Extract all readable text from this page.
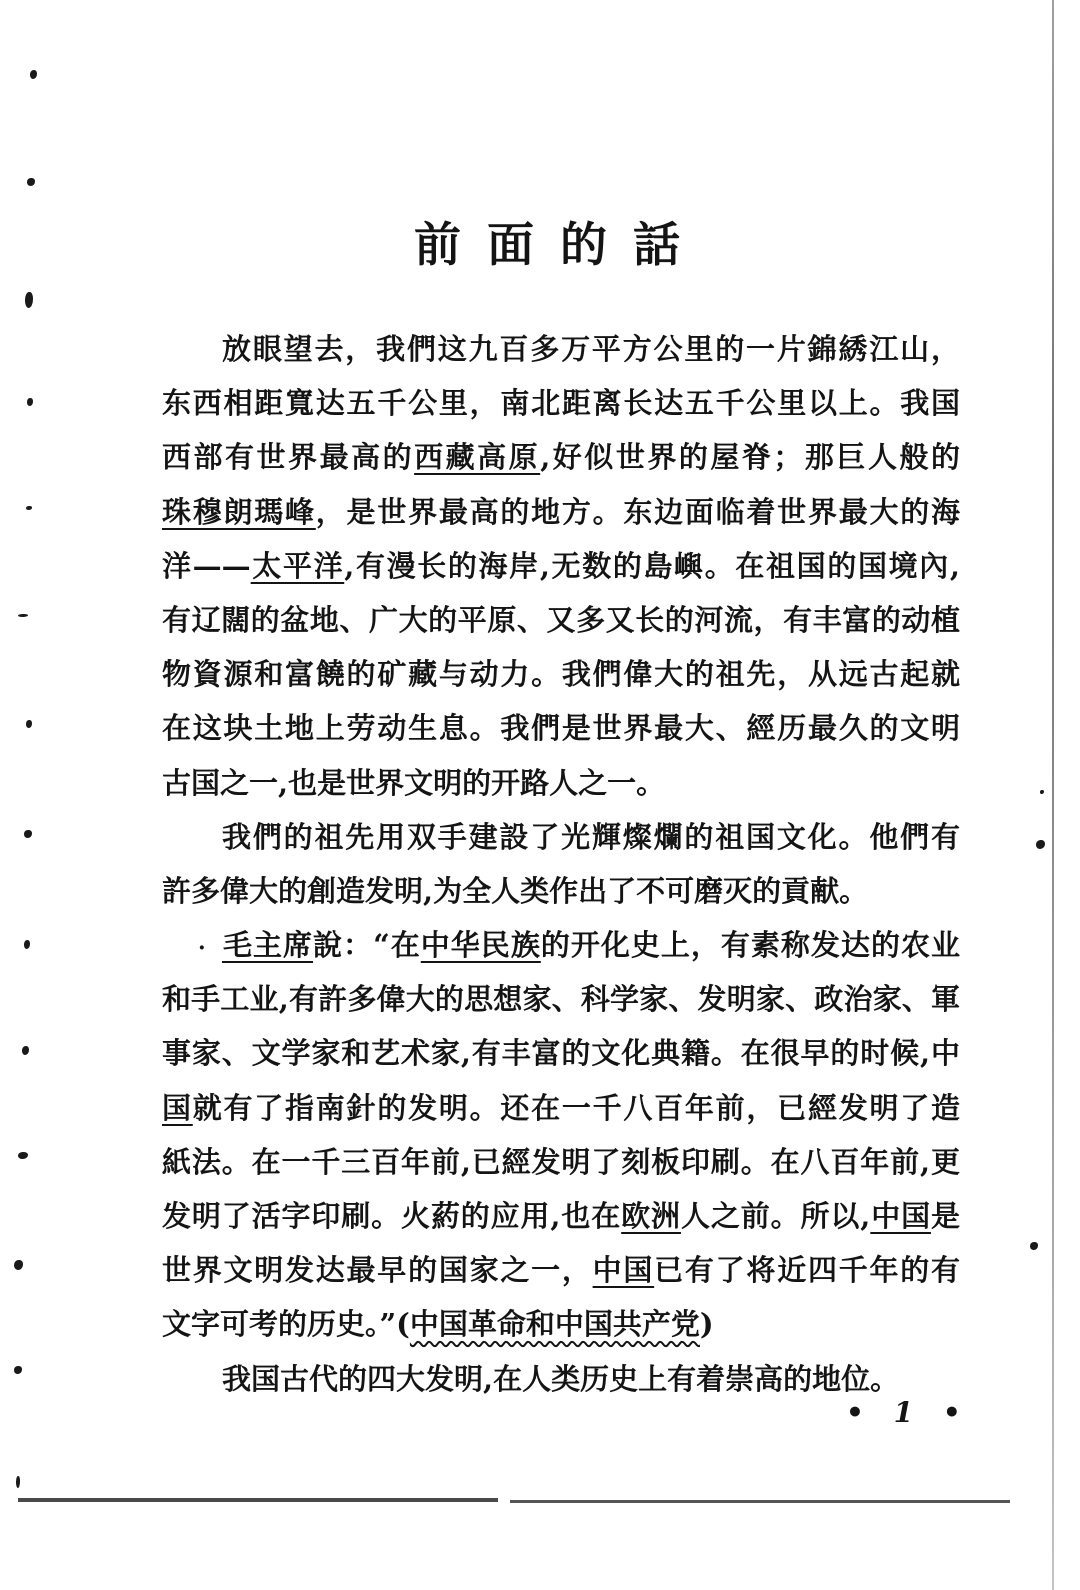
前面的話
放眼望去，我們这九百多万平方公里的一片錦綉江山，
东西相距寬达五千公里，南北距离长达五千公里以上。我国
西部有世界最高的西藏高原,好似世界的屋脊；那巨人般的
珠穆朗瑪峰，是世界最高的地方。东边面临着世界最大的海
洋——太平洋,有漫长的海岸,无数的島嶼。在祖国的国境內,
有辽闊的盆地、广大的平原、又多又长的河流，有丰富的动植
物資源和富饒的矿藏与动力。我們偉大的祖先，从远古起就
在这块土地上劳动生息。我們是世界最大、經历最久的文明
古国之一,也是世界文明的开路人之一。
我們的祖先用双手建設了光輝燦爛的祖国文化。他們有
許多偉大的創造发明,为全人类作出了不可磨灭的貢献。
· 毛主席說：“在中华民族的开化史上，有素称发达的农业
和手工业,有許多偉大的思想家、科学家、发明家、政治家、軍
事家、文学家和艺术家,有丰富的文化典籍。在很早的时候,中
国就有了指南針的发明。还在一千八百年前，已經发明了造
紙法。在一千三百年前,已經发明了刻板印刷。在八百年前,更
发明了活字印刷。火葯的应用,也在欧洲人之前。所以,中国是
世界文明发达最早的国家之一，中国已有了将近四千年的有
文字可考的历史。”(中国革命和中国共产党)
我国古代的四大发明,在人类历史上有着崇高的地位。
• 1 •
